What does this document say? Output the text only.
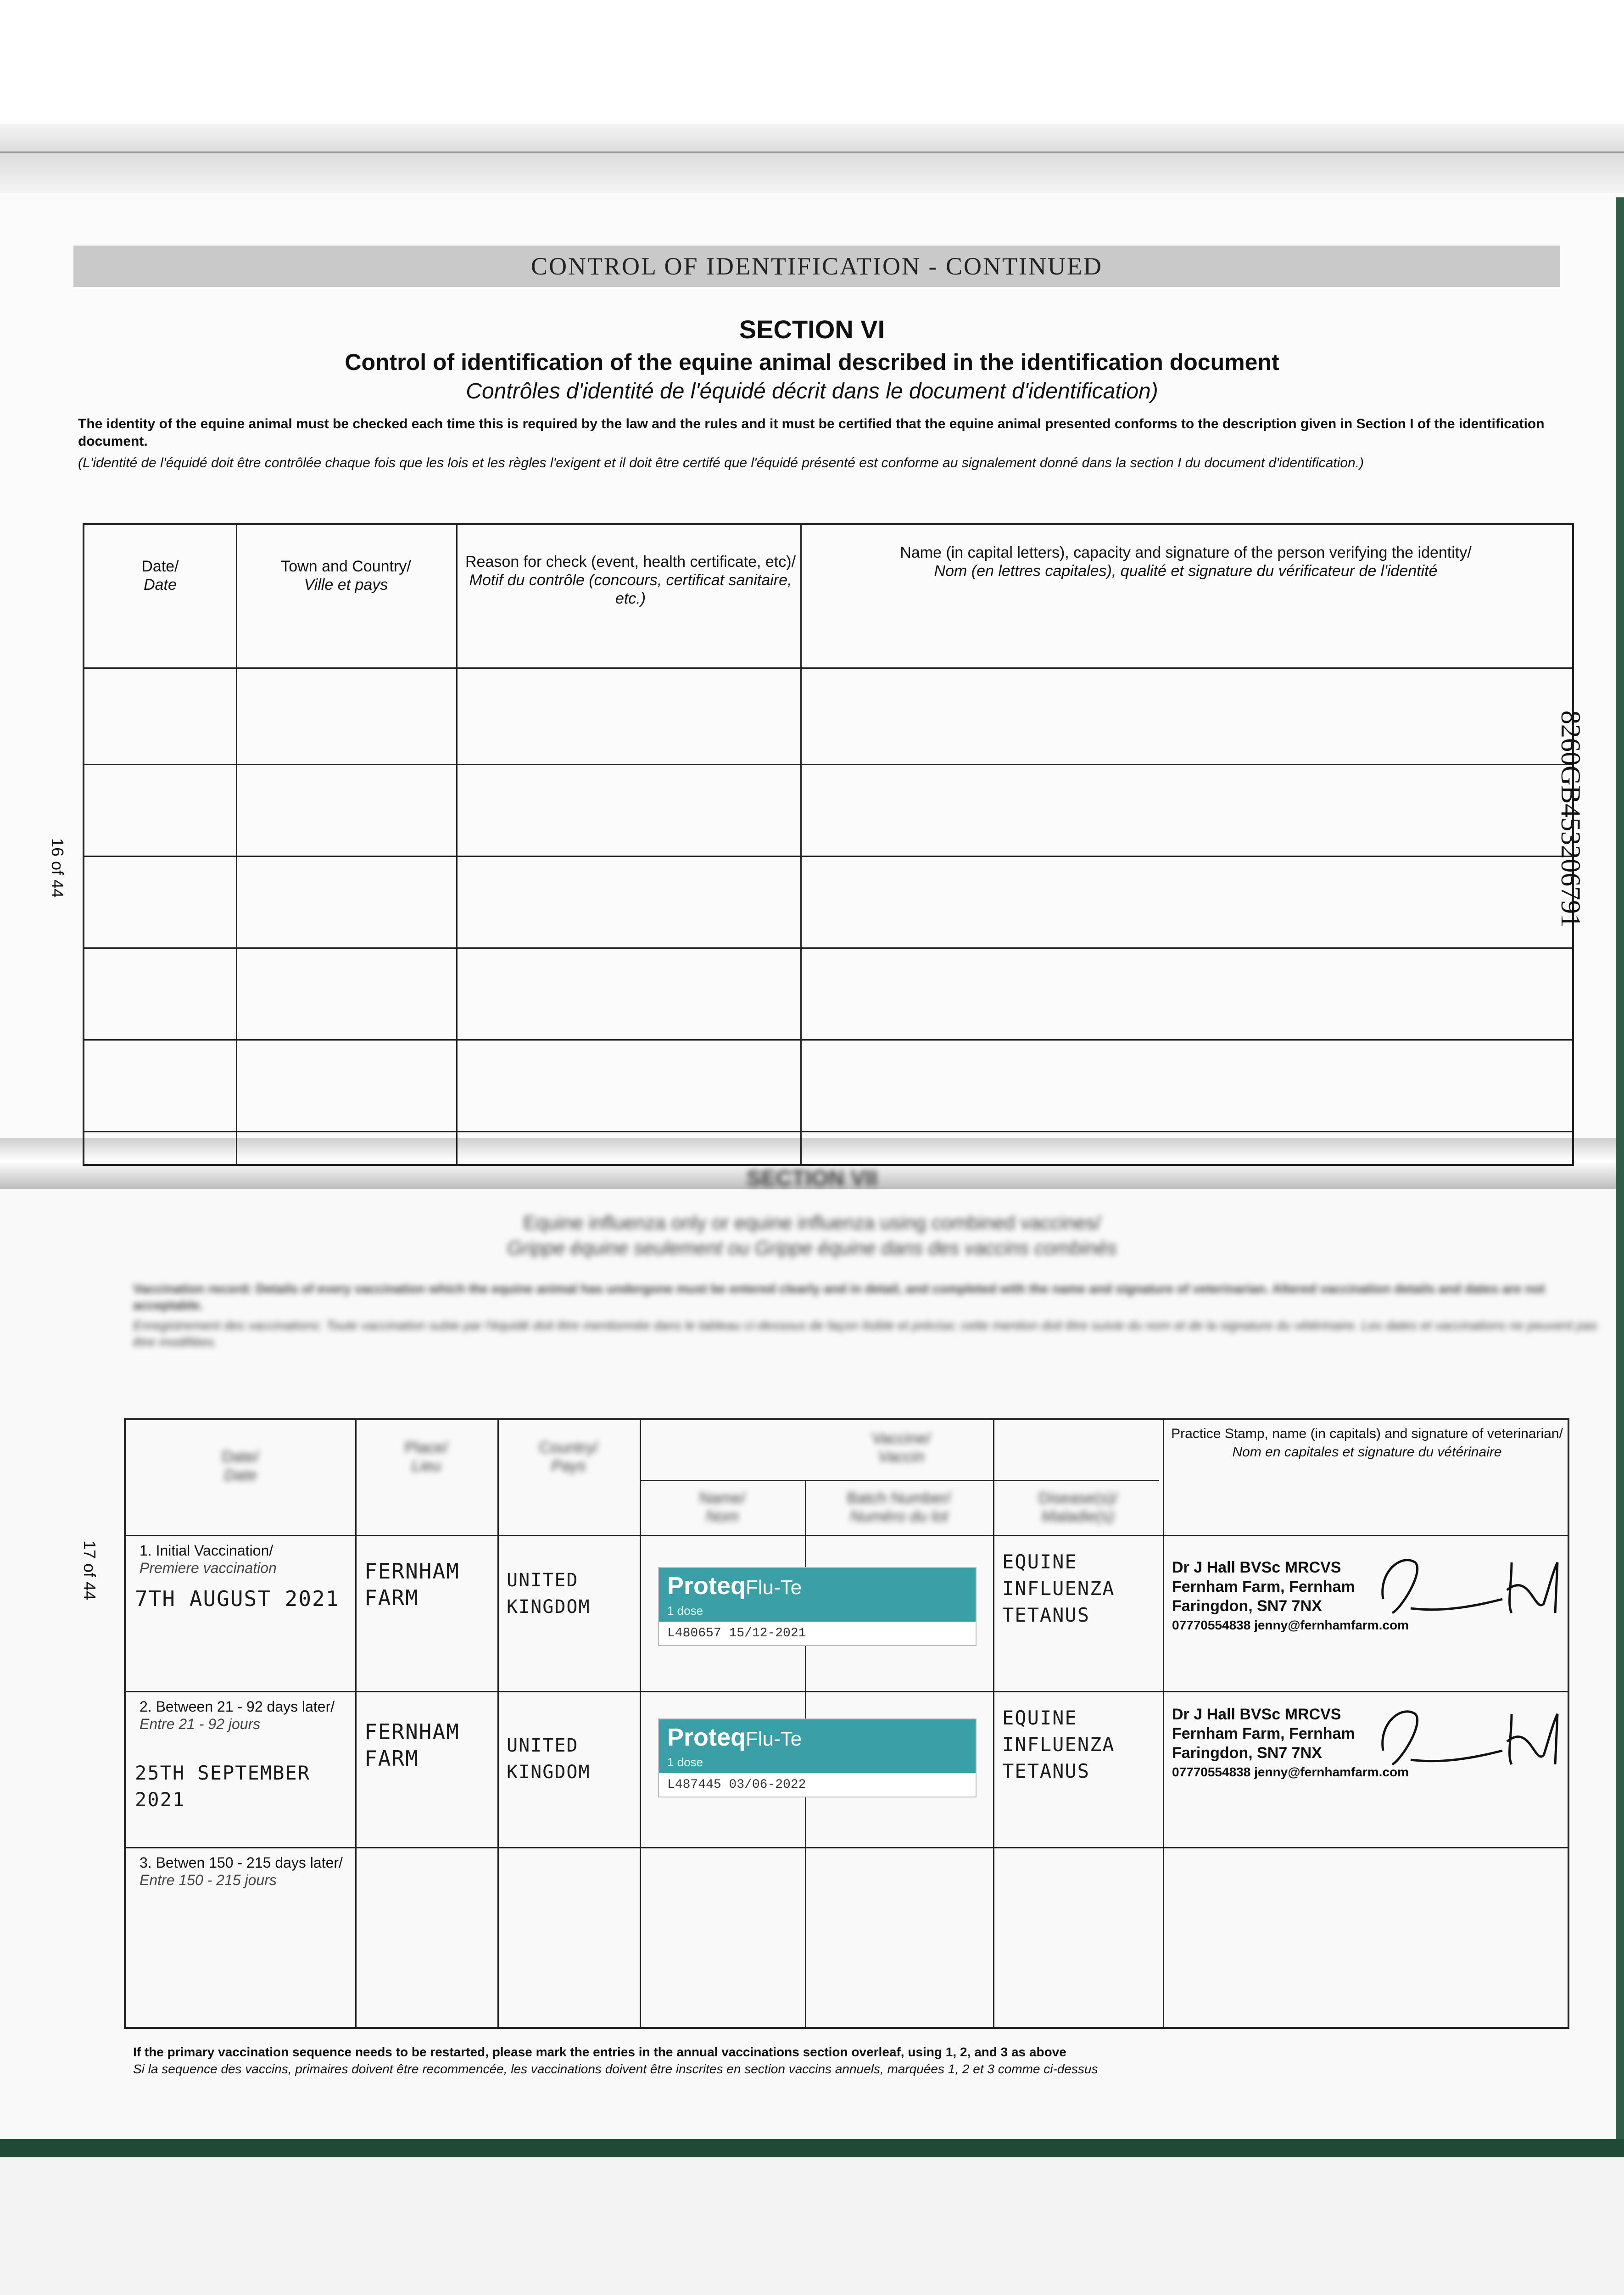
CONTROL OF IDENTIFICATION - CONTINUED
SECTION VI
Control of identification of the equine animal described in the identification document
Contrôles d'identité de l'équidé décrit dans le document d'identification)
The identity of the equine animal must be checked each time this is required by the law and the rules and it must be certified that the equine animal presented conforms to the description given in Section I of the identification document.
(L'identité de l'équidé doit être contrôlée chaque fois que les lois et les règles l'exigent et il doit être certifé que l'équidé présenté est conforme au signalement donné dans la section I du document d'identification.)
Date/
Date
Town and Country/
Ville et pays
Reason for check (event, health certificate, etc)/
Motif du contrôle (concours, certificat sanitaire, etc.)
Name (in capital letters), capacity and signature of the person verifying the identity/
Nom (en lettres capitales), qualité et signature du vérificateur de l'identité
16 of 44	8260GB453206791
SECTION VII
Equine influenza only or equine influenza using combined vaccines/
Grippe équine seulement ou Grippe équine dans des vaccins combinés
Vaccination record: Details of every vaccination which the equine animal has undergone must be entered clearly and in detail, and completed with the name and signature of veterinarian. Altered vaccination details and dates are not acceptable.
Enregistrement des vaccinations: Toute vaccination subie par l'équidé doit être mentionnée dans le tableau ci-dessous de façon lisible et précise; cette mention doit être suivie du nom et de la signature du vétérinaire. Les dates et vaccinations ne peuvent pas être modifiées.
17 of 44
Date/
Date
Place/
Lieu
Country/
Pays
Vaccine/
Vaccin
Name/
Nom
Batch Number/
Numéro du lot
Disease(s)/
Maladie(s)
Practice Stamp, name (in capitals) and signature of veterinarian/
Nom en capitales et signature du vétérinaire
1. Initial Vaccination/
Premiere vaccination
7TH AUGUST 2021
FERNHAM FARM
UNITED KINGDOM
ProteqFlu-Te
1 dose
L480657 15/12-2021
EQUINE INFLUENZA TETANUS
Dr J Hall BVSc MRCVS
Fernham Farm, Fernham
Faringdon, SN7 7NX
07770554838 jenny@fernhamfarm.com
2. Between 21 - 92 days later/
Entre 21 - 92 jours
25TH SEPTEMBER 2021
FERNHAM FARM
UNITED KINGDOM
ProteqFlu-Te
1 dose
L487445 03/06-2022
EQUINE INFLUENZA TETANUS
Dr J Hall BVSc MRCVS
Fernham Farm, Fernham
Faringdon, SN7 7NX
07770554838 jenny@fernhamfarm.com
3. Betwen 150 - 215 days later/
Entre 150 - 215 jours
If the primary vaccination sequence needs to be restarted, please mark the entries in the annual vaccinations section overleaf, using 1, 2, and 3 as above
Si la sequence des vaccins, primaires doivent être recommencée, les vaccinations doivent être inscrites en section vaccins annuels, marquées 1, 2 et 3 comme ci-dessus
